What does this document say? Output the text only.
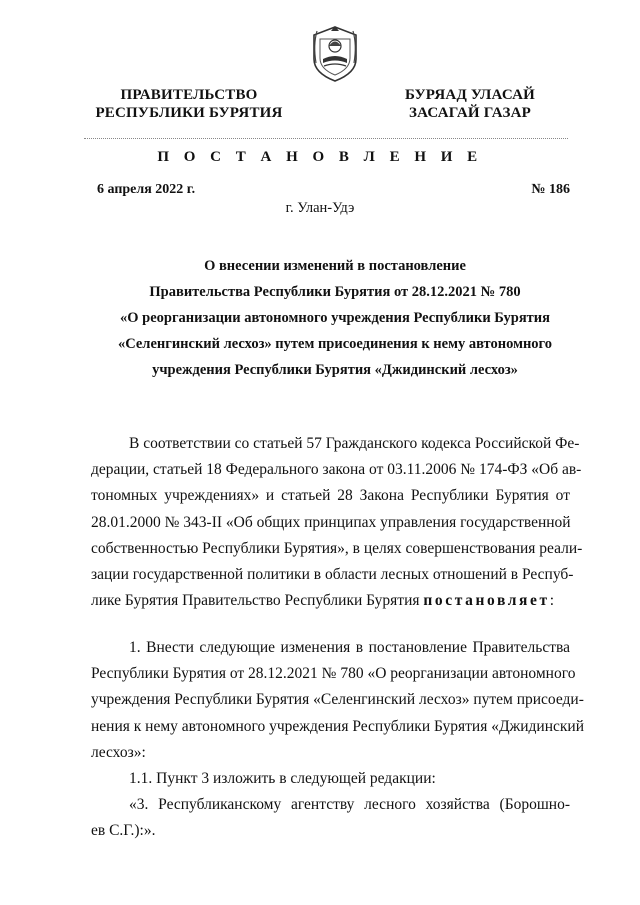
ПРАВИТЕЛЬСТВО
РЕСПУБЛИКИ БУРЯТИЯ
БУРЯАД УЛАСАЙ
ЗАСАГАЙ ГАЗАР
П О С Т А Н О В Л Е Н И Е
6 апреля 2022 г.	№ 186
г. Улан-Удэ
О внесении изменений в постановление
Правительства Республики Бурятия от 28.12.2021 № 780
«О реорганизации автономного учреждения Республики Бурятия
«Селенгинский лесхоз» путем присоединения к нему автономного
учреждения Республики Бурятия «Джидинский лесхоз»
В соответствии со статьей 57 Гражданского кодекса Российской Фе-
дерации, статьей 18 Федерального закона от 03.11.2006 № 174-ФЗ «Об ав-
тономных учреждениях» и статьей 28 Закона Республики Бурятия от
28.01.2000 № 343-II «Об общих принципах управления государственной
собственностью Республики Бурятия», в целях совершенствования реали-
зации государственной политики в области лесных отношений в Респуб-
лике Бурятия Правительство Республики Бурятия постановляет:
1. Внести следующие изменения в постановление Правительства
Республики Бурятия от 28.12.2021 № 780 «О реорганизации автономного
учреждения Республики Бурятия «Селенгинский лесхоз» путем присоеди-
нения к нему автономного учреждения Республики Бурятия «Джидинский
лесхоз»:
1.1. Пункт 3 изложить в следующей редакции:
«3. Республиканскому агентству лесного хозяйства (Борошно-
ев С.Г.):».
